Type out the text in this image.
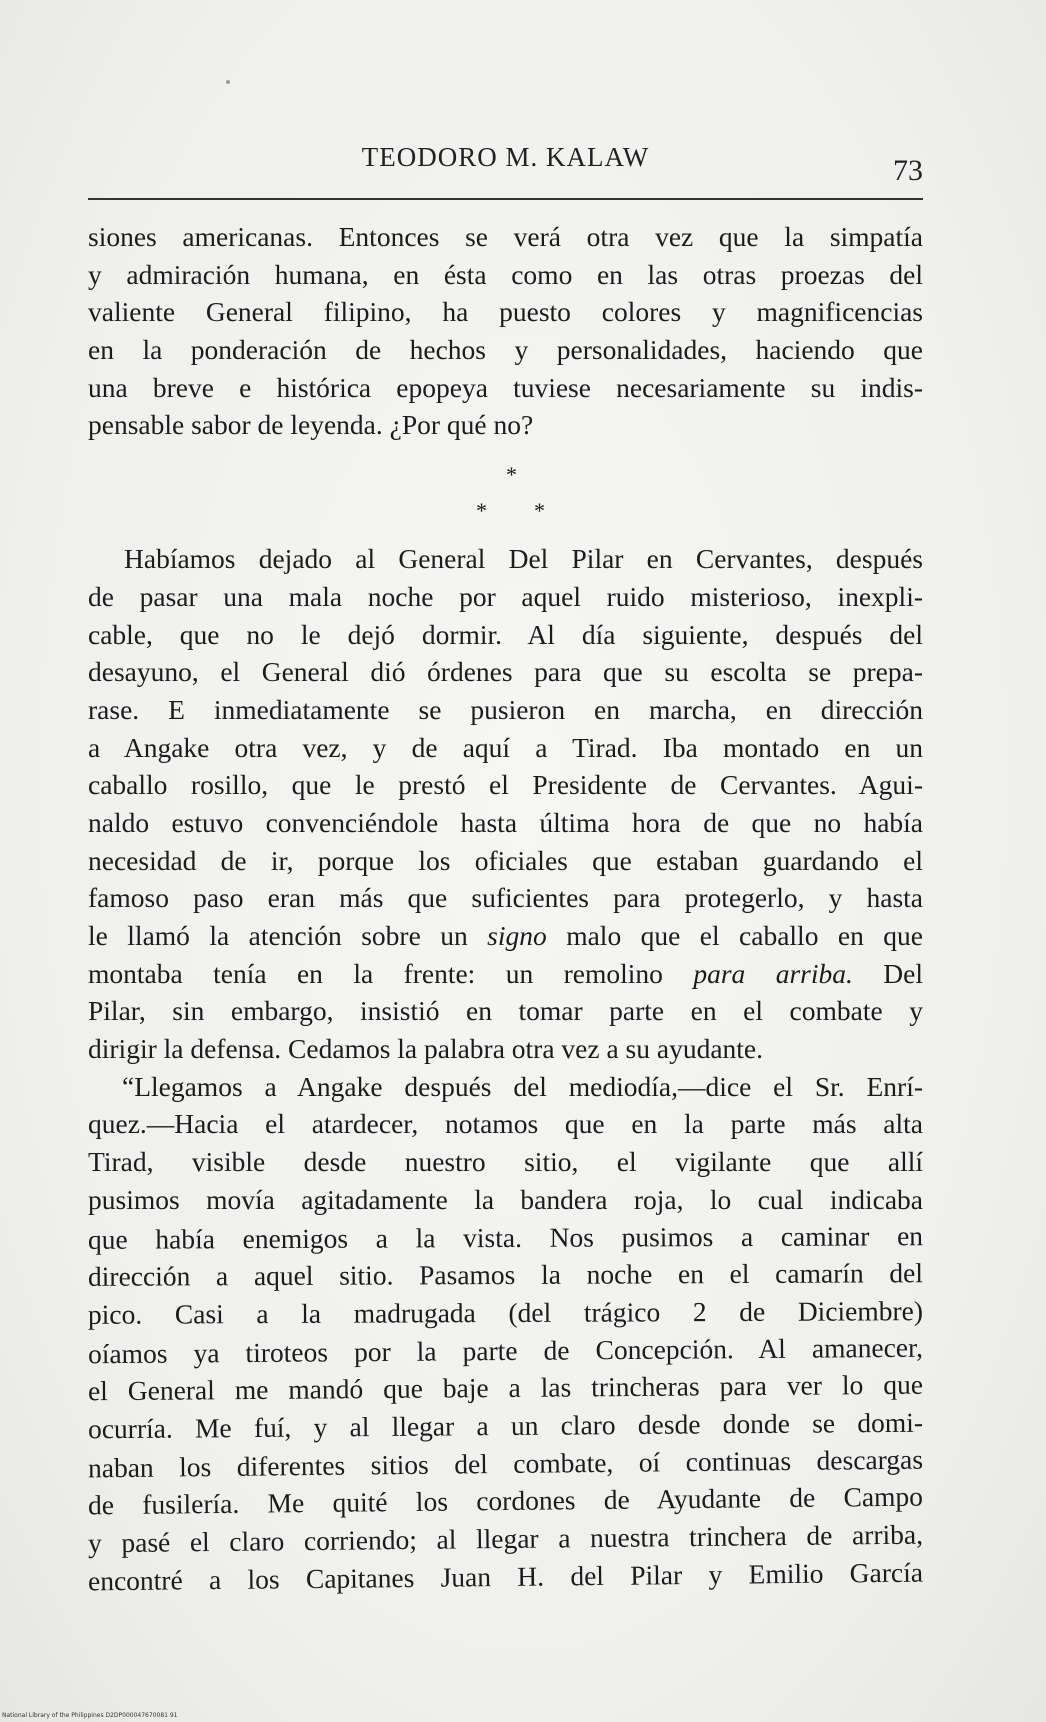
TEODORO M. KALAW	73
siones americanas. Entonces se verá otra vez que la simpatía
y admiración humana, en ésta como en las otras proezas del
valiente General filipino, ha puesto colores y magnificencias
en la ponderación de hechos y personalidades, haciendo que
una breve e histórica epopeya tuviese necesariamente su indis-
pensable sabor de leyenda. ¿Por qué no?
*
* *
Habíamos dejado al General Del Pilar en Cervantes, después
de pasar una mala noche por aquel ruido misterioso, inexpli-
cable, que no le dejó dormir. Al día siguiente, después del
desayuno, el General dió órdenes para que su escolta se prepa-
rase. E inmediatamente se pusieron en marcha, en dirección
a Angake otra vez, y de aquí a Tirad. Iba montado en un
caballo rosillo, que le prestó el Presidente de Cervantes. Agui-
naldo estuvo convenciéndole hasta última hora de que no había
necesidad de ir, porque los oficiales que estaban guardando el
famoso paso eran más que suficientes para protegerlo, y hasta
le llamó la atención sobre un signo malo que el caballo en que
montaba tenía en la frente: un remolino para arriba. Del
Pilar, sin embargo, insistió en tomar parte en el combate y
dirigir la defensa. Cedamos la palabra otra vez a su ayudante.
“Llegamos a Angake después del mediodía,—dice el Sr. Enrí-
quez.—Hacia el atardecer, notamos que en la parte más alta
Tirad, visible desde nuestro sitio, el vigilante que allí
pusimos movía agitadamente la bandera roja, lo cual indicaba
que había enemigos a la vista. Nos pusimos a caminar en
dirección a aquel sitio. Pasamos la noche en el camarín del
pico. Casi a la madrugada (del trágico 2 de Diciembre)
oíamos ya tiroteos por la parte de Concepción. Al amanecer,
el General me mandó que baje a las trincheras para ver lo que
ocurría. Me fuí, y al llegar a un claro desde donde se domi-
naban los diferentes sitios del combate, oí continuas descargas
de fusilería. Me quité los cordones de Ayudante de Campo
y pasé el claro corriendo; al llegar a nuestra trinchera de arriba,
encontré a los Capitanes Juan H. del Pilar y Emilio García
National Library of the Philippines D2DP000047670081 91
